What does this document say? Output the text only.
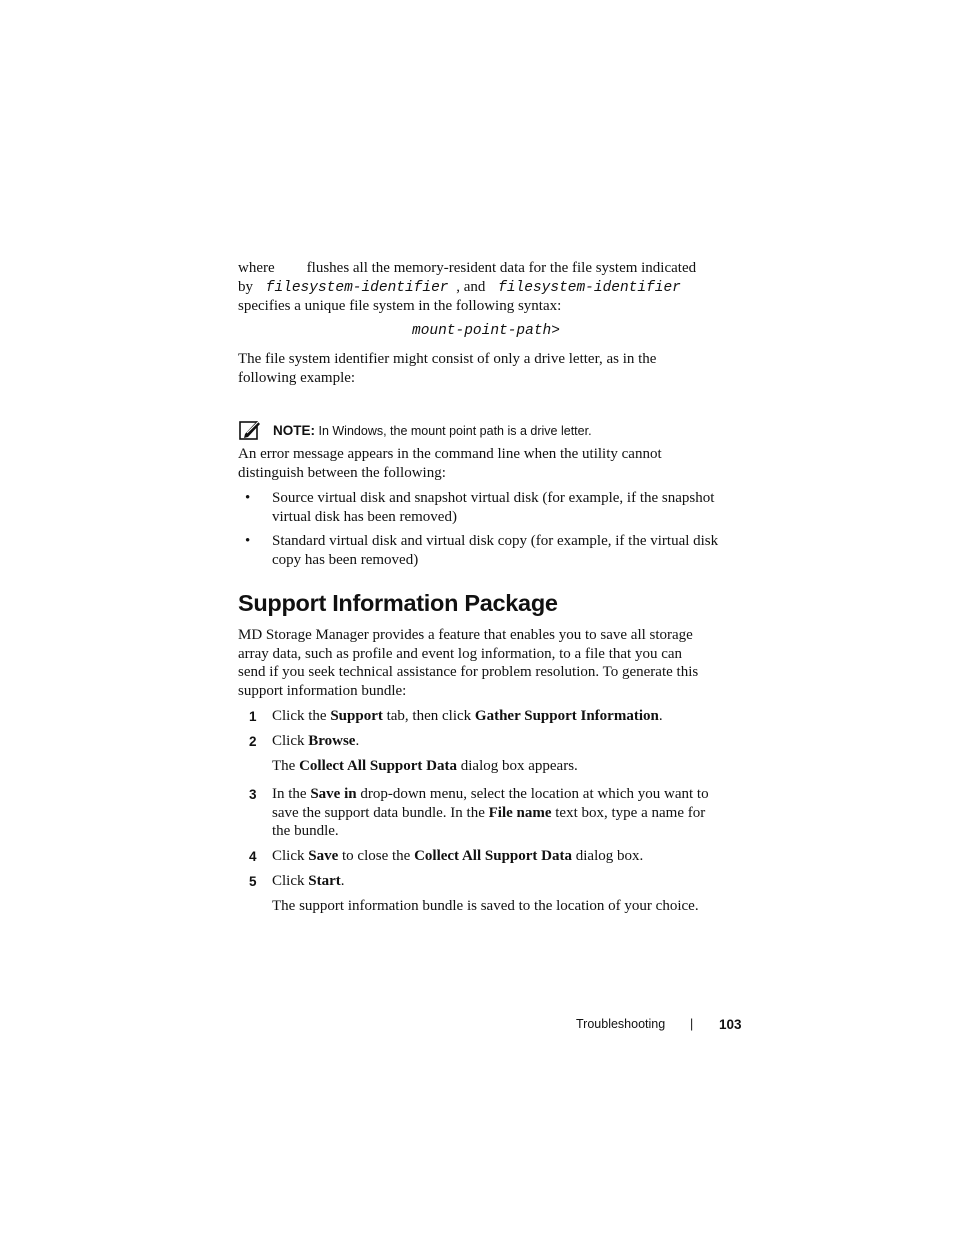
where flushes all the memory-resident data for the file system indicated
by filesystem-identifier , and filesystem-identifier
specifies a unique file system in the following syntax:
mount-point-path>
The file system identifier might consist of only a drive letter, as in the
following example:
NOTE: In Windows, the mount point path is a drive letter.
An error message appears in the command line when the utility cannot
distinguish between the following:
• Source virtual disk and snapshot virtual disk (for example, if the snapshot
virtual disk has been removed)
• Standard virtual disk and virtual disk copy (for example, if the virtual disk
copy has been removed)
Support Information Package
MD Storage Manager provides a feature that enables you to save all storage
array data, such as profile and event log information, to a file that you can
send if you seek technical assistance for problem resolution. To generate this
support information bundle:
1 Click the Support tab, then click Gather Support Information.
2 Click Browse.
The Collect All Support Data dialog box appears.
3 In the Save in drop-down menu, select the location at which you want to
save the support data bundle. In the File name text box, type a name for
the bundle.
4 Click Save to close the Collect All Support Data dialog box.
5 Click Start.
The support information bundle is saved to the location of your choice.
Troubleshooting | 103
